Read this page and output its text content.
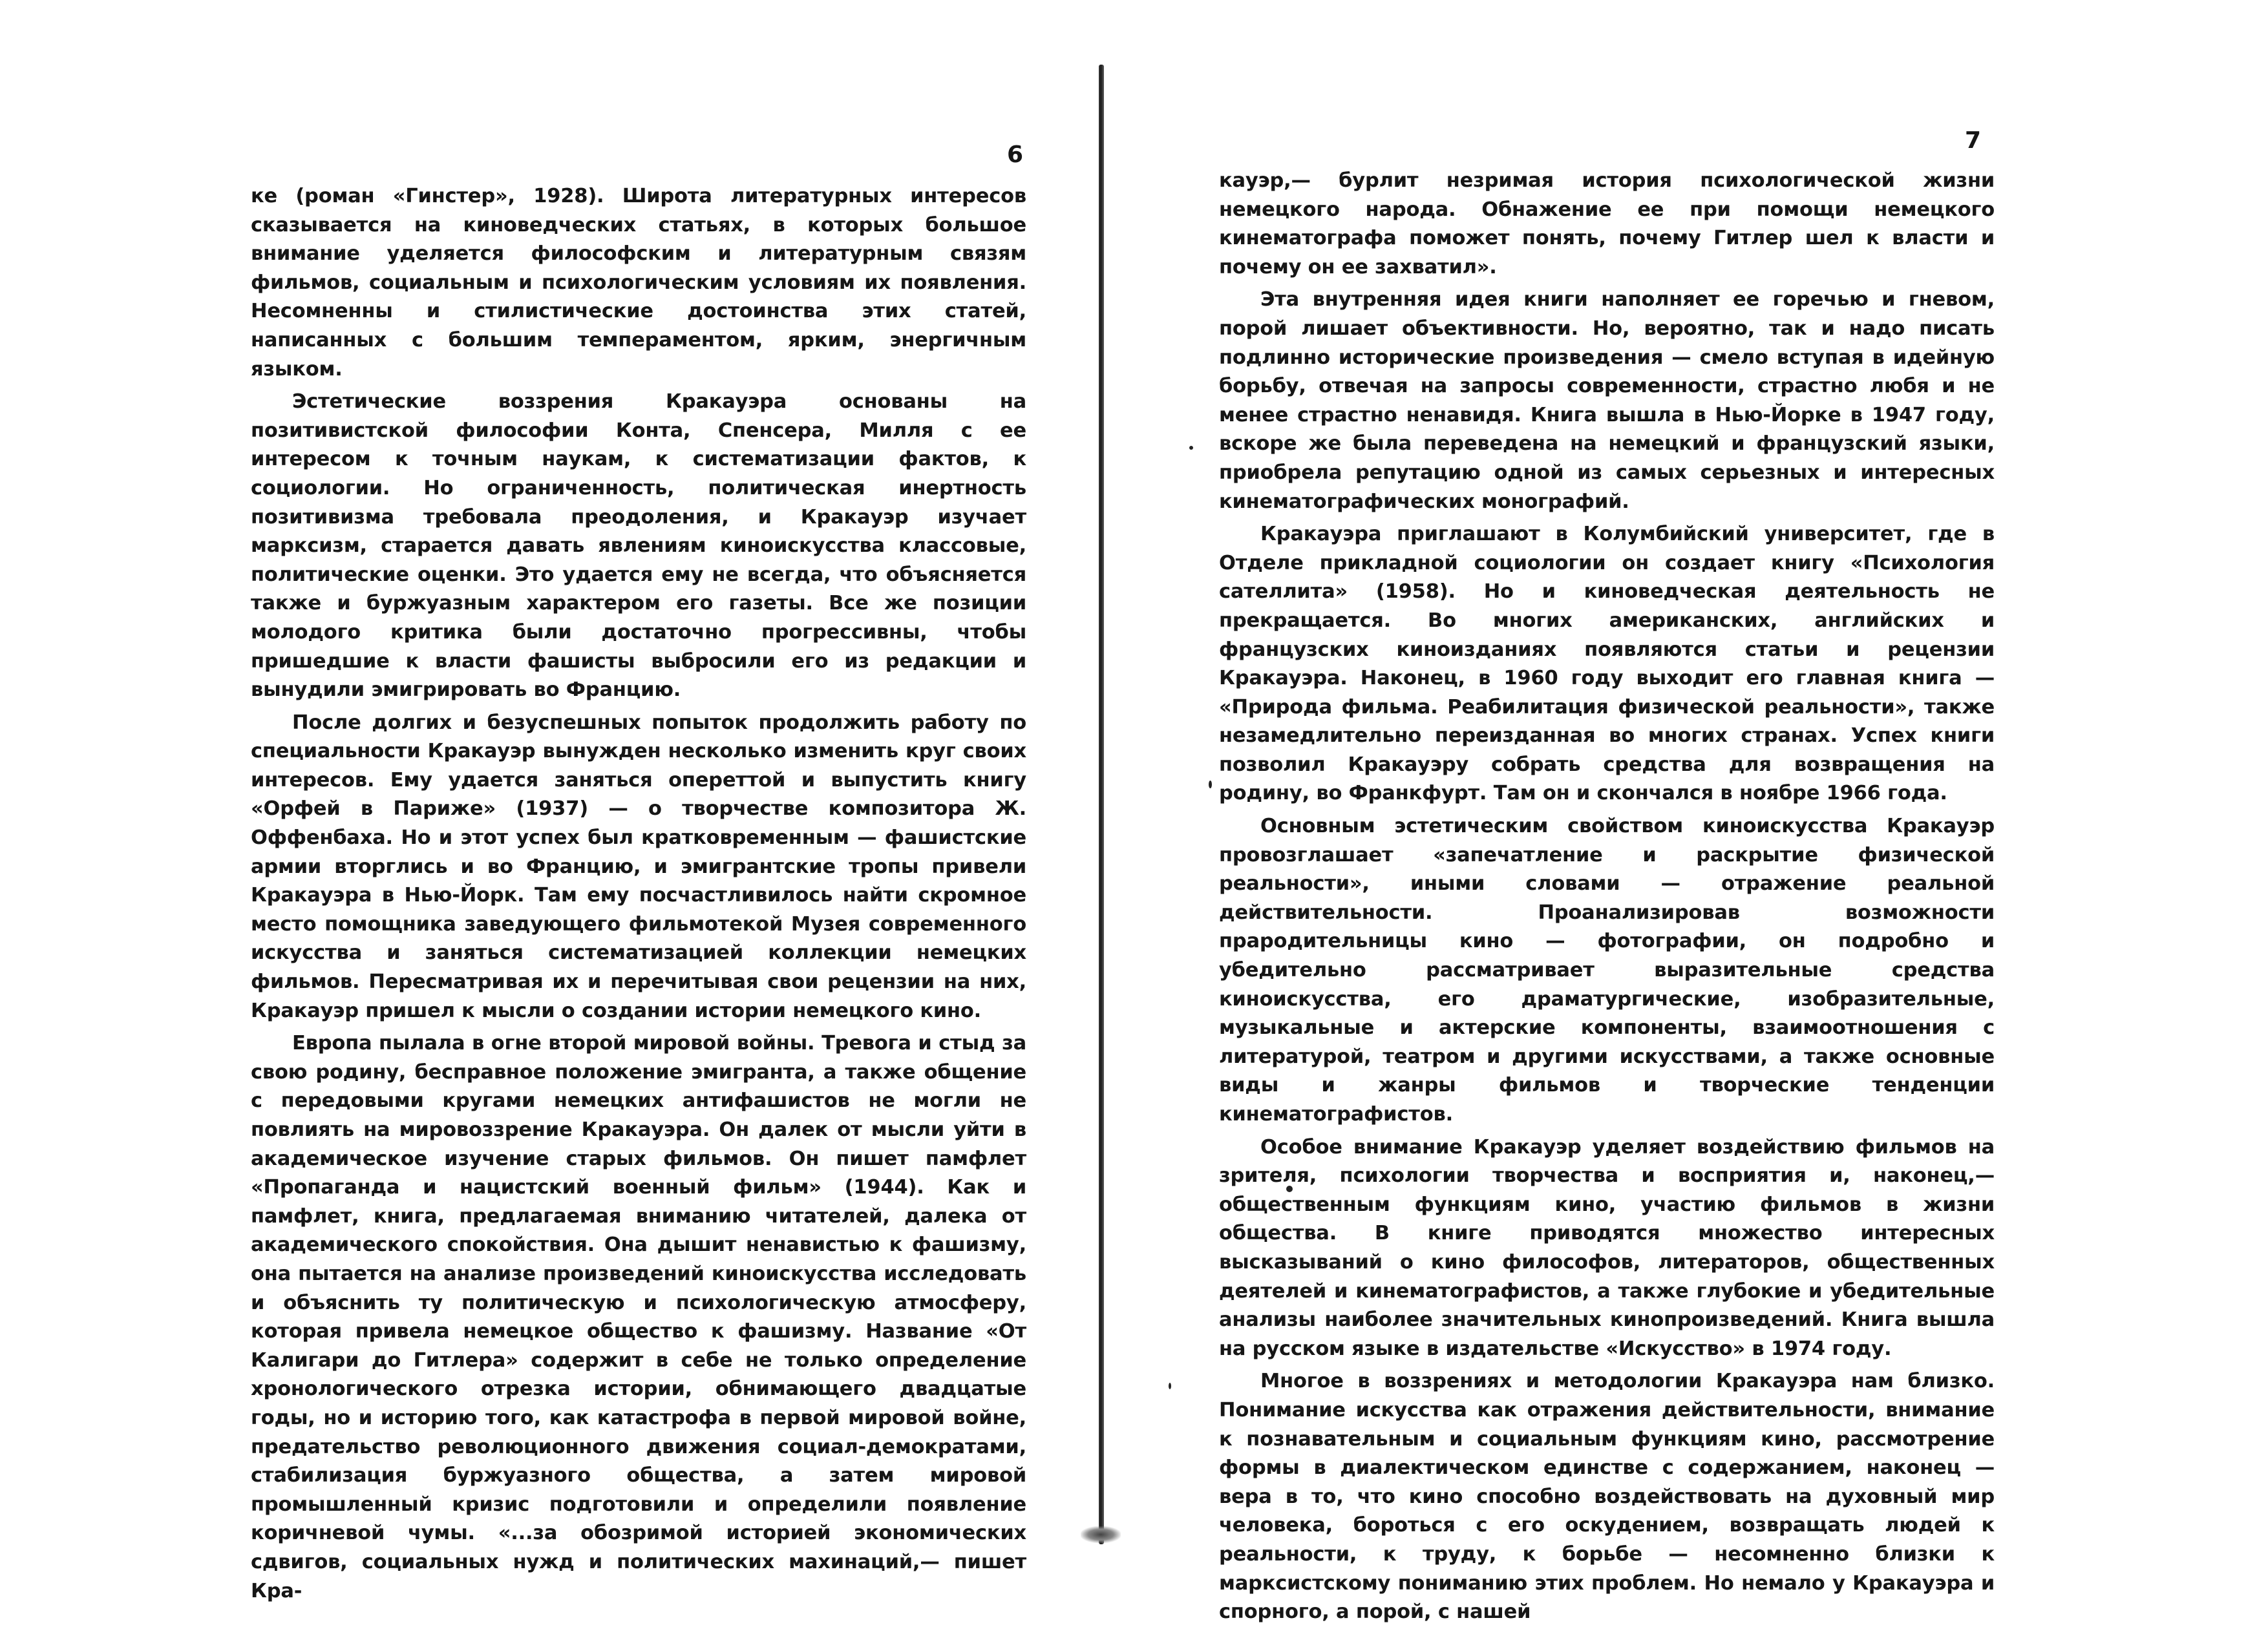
6

ке (роман «Гинстер», 1928). Широта литературных интересов сказывается на киноведческих статьях, в которых большое внимание уделяется философским и литературным связям фильмов, социальным и психологическим условиям их появления. Несомненны и стилистические достоинства этих статей, написанных с большим темпераментом, ярким, энергичным языком.

Эстетические воззрения Кракауэра основаны на позитивистской философии Конта, Спенсера, Милля с ее интересом к точным наукам, к систематизации фактов, к социологии. Но ограниченность, политическая инертность позитивизма требовала преодоления, и Кракауэр изучает марксизм, старается давать явлениям киноискусства классовые, политические оценки. Это удается ему не всегда, что объясняется также и буржуазным характером его газеты. Все же позиции молодого критика были достаточно прогрессивны, чтобы пришедшие к власти фашисты выбросили его из редакции и вынудили эмигрировать во Францию.

После долгих и безуспешных попыток продолжить работу по специальности Кракауэр вынужден несколько изменить круг своих интересов. Ему удается заняться опереттой и выпустить книгу «Орфей в Париже» (1937) — о творчестве композитора Ж. Оффенбаха. Но и этот успех был кратковременным — фашистские армии вторглись и во Францию, и эмигрантские тропы привели Кракауэра в Нью-Йорк. Там ему посчастливилось найти скромное место помощника заведующего фильмотекой Музея современного искусства и заняться систематизацией коллекции немецких фильмов. Пересматривая их и перечитывая свои рецензии на них, Кракауэр пришел к мысли о создании истории немецкого кино.

Европа пылала в огне второй мировой войны. Тревога и стыд за свою родину, бесправное положение эмигранта, а также общение с передовыми кругами немецких антифашистов не могли не повлиять на мировоззрение Кракауэра. Он далек от мысли уйти в академическое изучение старых фильмов. Он пишет памфлет «Пропаганда и нацистский военный фильм» (1944). Как и памфлет, книга, предлагаемая вниманию читателей, далека от академического спокойствия. Она дышит ненавистью к фашизму, она пытается на анализе произведений киноискусства исследовать и объяснить ту политическую и психологическую атмосферу, которая привела немецкое общество к фашизму. Название «От Калигари до Гитлера» содержит в себе не только определение хронологического отрезка истории, обнимающего двадцатые годы, но и историю того, как катастрофа в первой мировой войне, предательство революционного движения социал-демократами, стабилизация буржуазного общества, а затем мировой промышленный кризис подготовили и определили появление коричневой чумы. «...за обозримой историей экономических сдвигов, социальных нужд и политических махинаций,— пишет Кра-

7

кауэр,— бурлит незримая история психологической жизни немецкого народа. Обнажение ее при помощи немецкого кинематографа поможет понять, почему Гитлер шел к власти и почему он ее захватил».

Эта внутренняя идея книги наполняет ее горечью и гневом, порой лишает объективности. Но, вероятно, так и надо писать подлинно исторические произведения — смело вступая в идейную борьбу, отвечая на запросы современности, страстно любя и не менее страстно ненавидя. Книга вышла в Нью-Йорке в 1947 году, вскоре же была переведена на немецкий и французский языки, приобрела репутацию одной из самых серьезных и интересных кинематографических монографий.

Кракауэра приглашают в Колумбийский университет, где в Отделе прикладной социологии он создает книгу «Психология сателлита» (1958). Но и киноведческая деятельность не прекращается. Во многих американских, английских и французских киноизданиях появляются статьи и рецензии Кракауэра. Наконец, в 1960 году выходит его главная книга — «Природа фильма. Реабилитация физической реальности», также незамедлительно переизданная во многих странах. Успех книги позволил Кракауэру собрать средства для возвращения на родину, во Франкфурт. Там он и скончался в ноябре 1966 года.

Основным эстетическим свойством киноискусства Кракауэр провозглашает «запечатление и раскрытие физической реальности», иными словами — отражение реальной действительности. Проанализировав возможности прародительницы кино — фотографии, он подробно и убедительно рассматривает выразительные средства киноискусства, его драматургические, изобразительные, музыкальные и актерские компоненты, взаимоотношения с литературой, театром и другими искусствами, а также основные виды и жанры фильмов и творческие тенденции кинематографистов.

Особое внимание Кракауэр уделяет воздействию фильмов на зрителя, психологии творчества и восприятия и, наконец,— общественным функциям кино, участию фильмов в жизни общества. В книге приводятся множество интересных высказываний о кино философов, литераторов, общественных деятелей и кинематографистов, а также глубокие и убедительные анализы наиболее значительных кинопроизведений. Книга вышла на русском языке в издательстве «Искусство» в 1974 году.

Многое в воззрениях и методологии Кракауэра нам близко. Понимание искусства как отражения действительности, внимание к познавательным и социальным функциям кино, рассмотрение формы в диалектическом единстве с содержанием, наконец — вера в то, что кино способно воздействовать на духовный мир человека, бороться с его оскудением, возвращать людей к реальности, к труду, к борьбе — несомненно близки к марксистскому пониманию этих проблем. Но немало у Кракауэра и спорного, а порой, с нашей
